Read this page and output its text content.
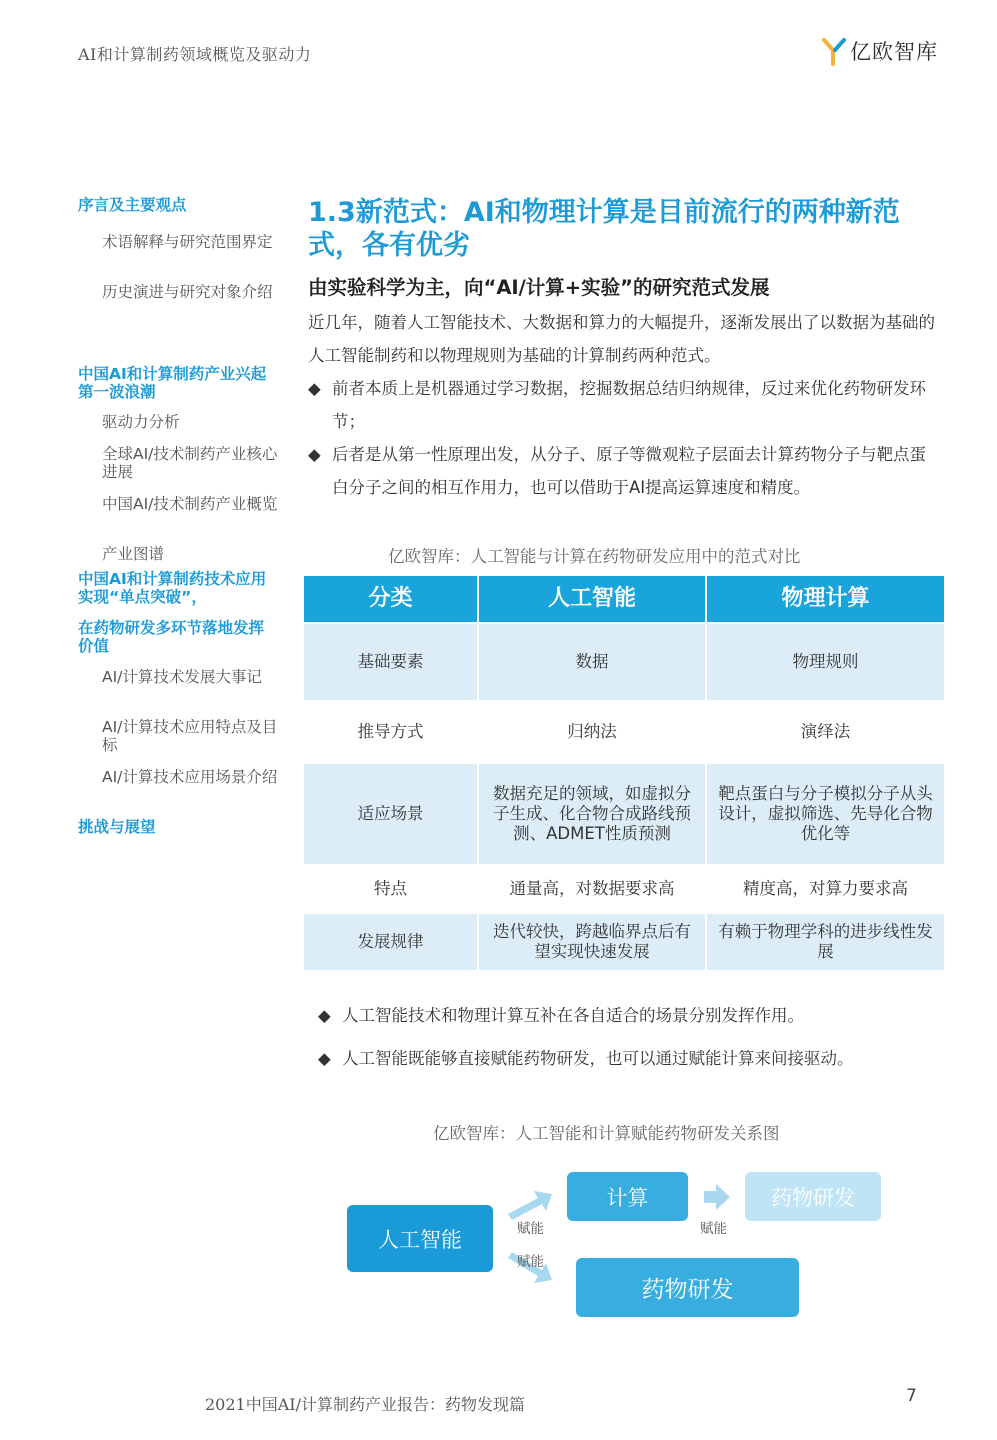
AI和计算制药领域概览及驱动力	亿欧智库
序言及主要观点
术语解释与研究范围界定
历史演进与研究对象介绍
中国AI和计算制药产业兴起第一波浪潮
驱动力分析
全球AI/技术制药产业核心进展
中国AI/技术制药产业概览
产业图谱
中国AI和计算制药技术应用实现“单点突破”，
在药物研发多环节落地发挥价值
AI/计算技术发展大事记
AI/计算技术应用特点及目标
AI/计算技术应用场景介绍
挑战与展望
1.3新范式：AI和物理计算是目前流行的两种新范式，各有优劣
由实验科学为主，向“AI/计算+实验”的研究范式发展

近几年，随着人工智能技术、大数据和算力的大幅提升，逐渐发展出了以数据为基础的人工智能制药和以物理规则为基础的计算制药两种范式。

◆ 前者本质上是机器通过学习数据，挖掘数据总结归纳规律，反过来优化药物研发环节；
◆ 后者是从第一性原理出发，从分子、原子等微观粒子层面去计算药物分子与靶点蛋白分子之间的相互作用力，也可以借助于AI提高运算速度和精度。
亿欧智库：人工智能与计算在药物研发应用中的范式对比
分类	人工智能	物理计算
基础要素	数据	物理规则
推导方式	归纳法	演绎法
适应场景	数据充足的领域，如虚拟分子生成、化合物合成路线预测、ADMET性质预测	靶点蛋白与分子模拟分子从头设计，虚拟筛选、先导化合物优化等
特点	通量高，对数据要求高	精度高，对算力要求高
发展规律	迭代较快，跨越临界点后有望实现快速发展	有赖于物理学科的进步线性发展
◆ 人工智能技术和物理计算互补在各自适合的场景分别发挥作用。
◆ 人工智能既能够直接赋能药物研发，也可以通过赋能计算来间接驱动。
亿欧智库：人工智能和计算赋能药物研发关系图
人工智能
计算	药物研发
药物研发
赋能
赋能
赋能
2021中国AI/计算制药产业报告：药物发现篇	7
